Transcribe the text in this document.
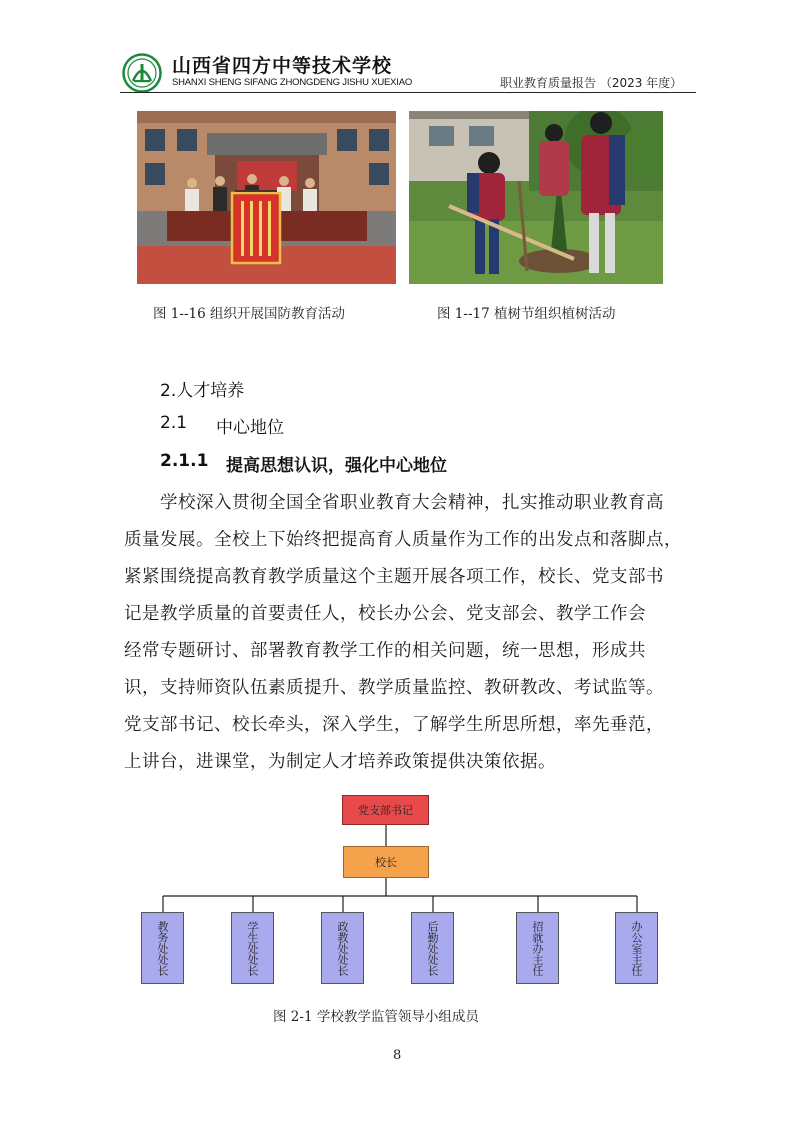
山西省四方中等技术学校
SHANXI SHENG SIFANG ZHONGDENG JISHU XUEXIAO	职业教育质量报告 （2023 年度）
图 1--16 组织开展国防教育活动	图 1--17 植树节组织植树活动
2.人才培养
2.1 中心地位
2.1.1 提高思想认识，强化中心地位
学校深入贯彻全国全省职业教育大会精神，扎实推动职业教育高
质量发展。全校上下始终把提高育人质量作为工作的出发点和落脚点，
紧紧围绕提高教育教学质量这个主题开展各项工作，校长、党支部书
记是教学质量的首要责任人，校长办公会、党支部会、教学工作会
经常专题研讨、部署教育教学工作的相关问题，统一思想，形成共
识，支持师资队伍素质提升、教学质量监控、教研教改、考试监等。
党支部书记、校长牵头，深入学生，了解学生所思所想，率先垂范，
上讲台，进课堂，为制定人才培养政策提供决策依据。
党支部书记
校长
教务处处长	学生处处长	政教处处长	后勤处处长	招就办主任	办公室主任
图 2-1 学校教学监管领导小组成员
8
